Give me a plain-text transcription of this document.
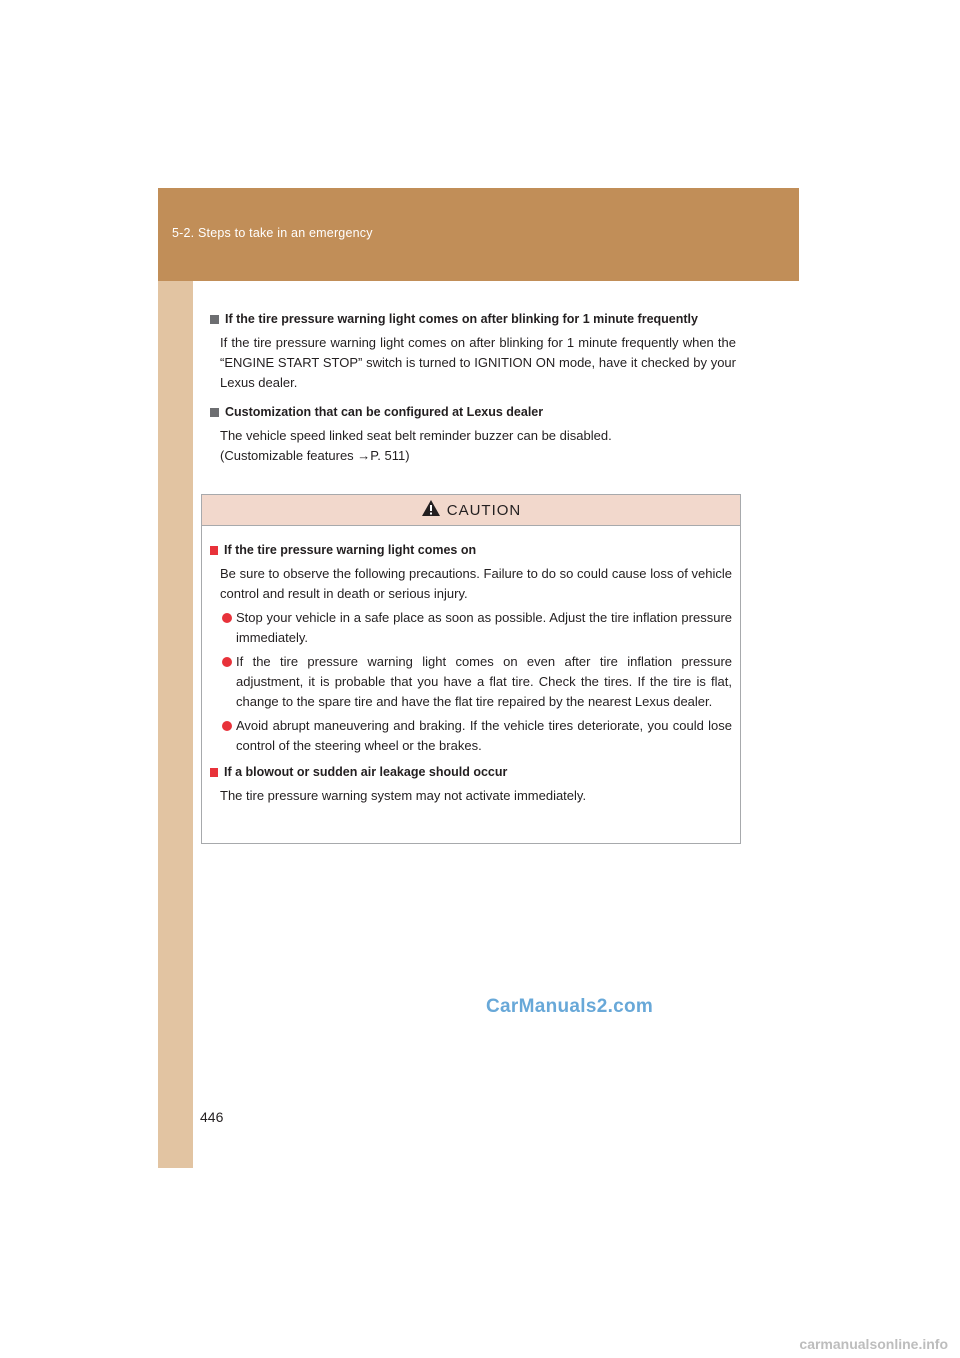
5-2. Steps to take in an emergency

If the tire pressure warning light comes on after blinking for 1 minute frequently

If the tire pressure warning light comes on after blinking for 1 minute frequently when the “ENGINE START STOP” switch is turned to IGNITION ON mode, have it checked by your Lexus dealer.

Customization that can be configured at Lexus dealer

The vehicle speed linked seat belt reminder buzzer can be disabled.

(Customizable features →P. 511)

CAUTION

If the tire pressure warning light comes on

Be sure to observe the following precautions. Failure to do so could cause loss of vehicle control and result in death or serious injury.

Stop your vehicle in a safe place as soon as possible. Adjust the tire inflation pressure immediately.
If the tire pressure warning light comes on even after tire inflation pressure adjustment, it is probable that you have a flat tire. Check the tires. If the tire is flat, change to the spare tire and have the flat tire repaired by the nearest Lexus dealer.
Avoid abrupt maneuvering and braking. If the vehicle tires deteriorate, you could lose control of the steering wheel or the brakes.

If a blowout or sudden air leakage should occur

The tire pressure warning system may not activate immediately.

CarManuals2.com
446
carmanualsonline.info
